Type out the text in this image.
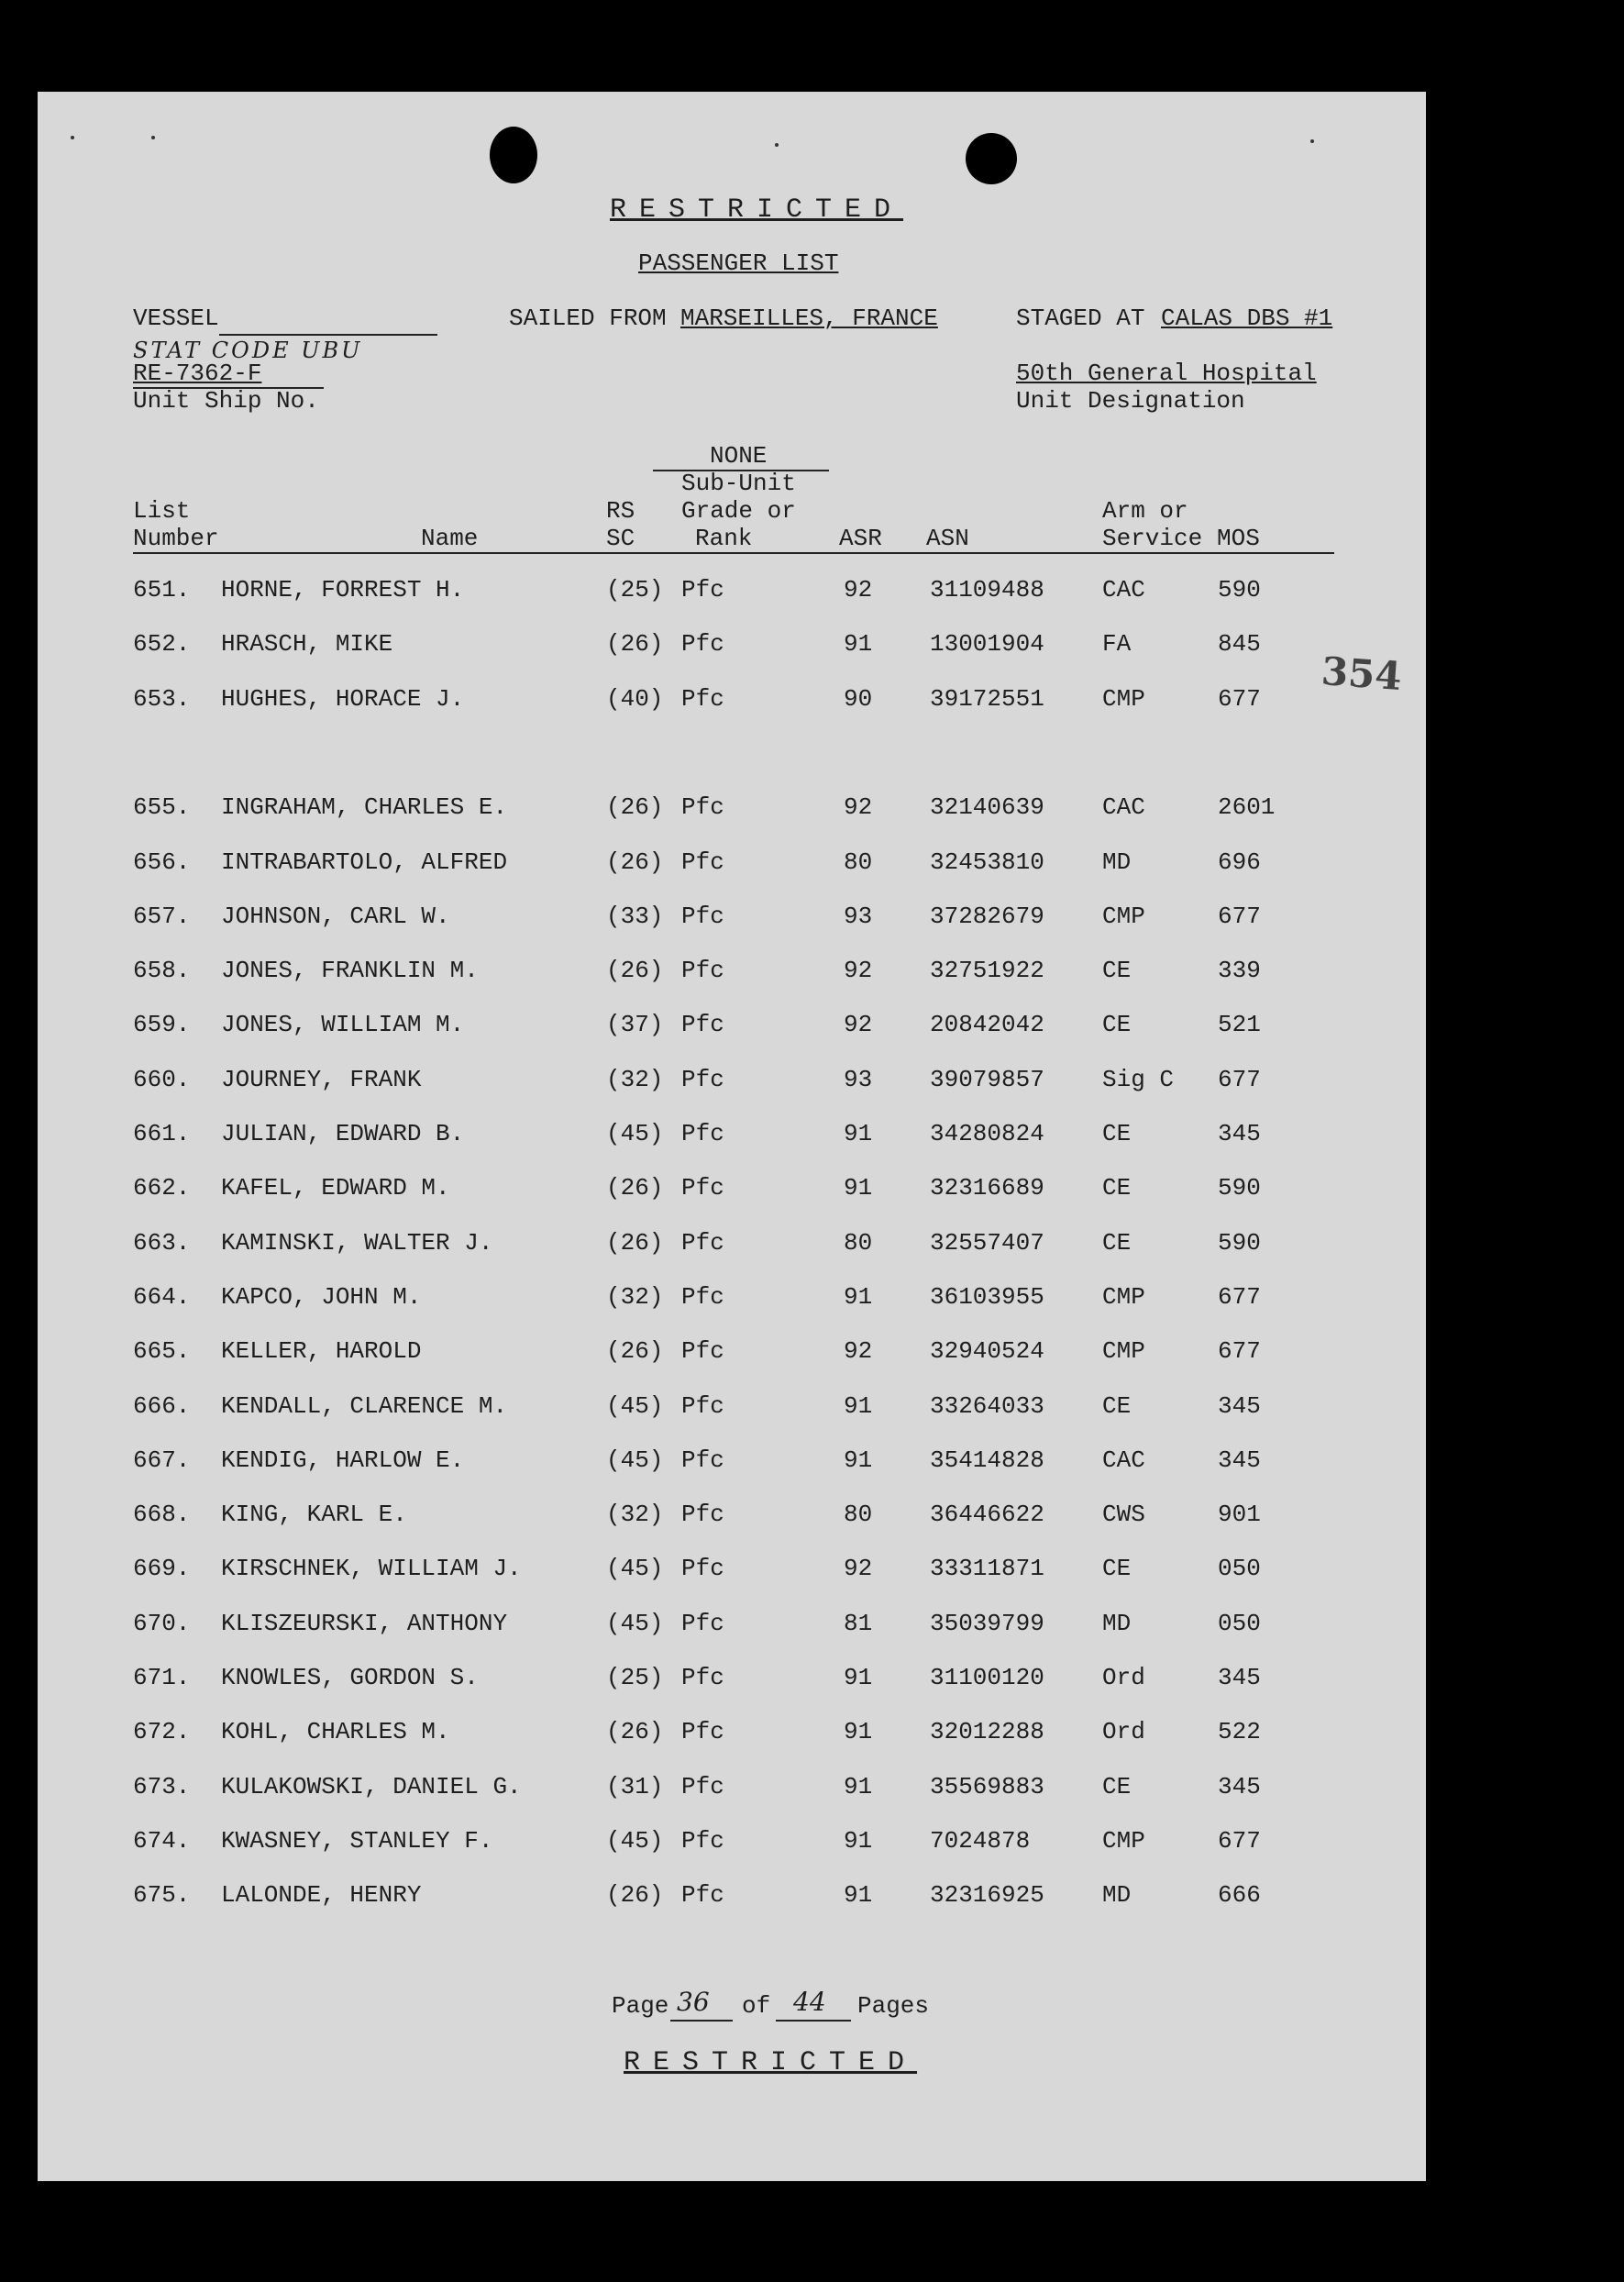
RESTRICTED
PASSENGER LIST
VESSEL	SAILED FROM MARSEILLES, FRANCE	STAGED AT CALAS DBS #1
STAT CODE UBU
RE-7362-F
Unit Ship No.
50th General Hospital
Unit Designation
354
NONE
Sub-Unit
List
Number	Name
RS
SC
Grade or
Rank	ASR ASN
Arm or
Service MOS
651. HORNE, FORREST H.	(25) Pfc	92 31109488 CAC	590
652. HRASCH, MIKE	(26) Pfc	91 13001904 FA	845
653. HUGHES, HORACE J.	(40) Pfc	90 39172551 CMP	677
655. INGRAHAM, CHARLES E.	(26) Pfc	92 32140639 CAC	2601
656. INTRABARTOLO, ALFRED	(26) Pfc	80 32453810 MD	696
657. JOHNSON, CARL W.	(33) Pfc	93 37282679 CMP	677
658. JONES, FRANKLIN M.	(26) Pfc	92 32751922 CE	339
659. JONES, WILLIAM M.	(37) Pfc	92 20842042 CE	521
660. JOURNEY, FRANK	(32) Pfc	93 39079857 Sig C 677
661. JULIAN, EDWARD B.	(45) Pfc	91 34280824 CE	345
662. KAFEL, EDWARD M.	(26) Pfc	91 32316689 CE	590
663. KAMINSKI, WALTER J.	(26) Pfc	80 32557407 CE	590
664. KAPCO, JOHN M.	(32) Pfc	91 36103955 CMP	677
665. KELLER, HAROLD	(26) Pfc	92 32940524 CMP	677
666. KENDALL, CLARENCE M.	(45) Pfc	91 33264033 CE	345
667. KENDIG, HARLOW E.	(45) Pfc	91 35414828 CAC	345
668. KING, KARL E.	(32) Pfc	80 36446622 CWS	901
669. KIRSCHNEK, WILLIAM J.	(45) Pfc	92 33311871 CE	050
670. KLISZEURSKI, ANTHONY	(45) Pfc	81 35039799 MD	050
671. KNOWLES, GORDON S.	(25) Pfc	91 31100120 Ord	345
672. KOHL, CHARLES M.	(26) Pfc	91 32012288 Ord	522
673. KULAKOWSKI, DANIEL G.	(31) Pfc	91 35569883 CE	345
674. KWASNEY, STANLEY F.	(45) Pfc	91 7024878	CMP	677
675. LALONDE, HENRY	(26) Pfc	91 32316925 MD	666
Page 36 of 44 Pages
RESTRICTED
